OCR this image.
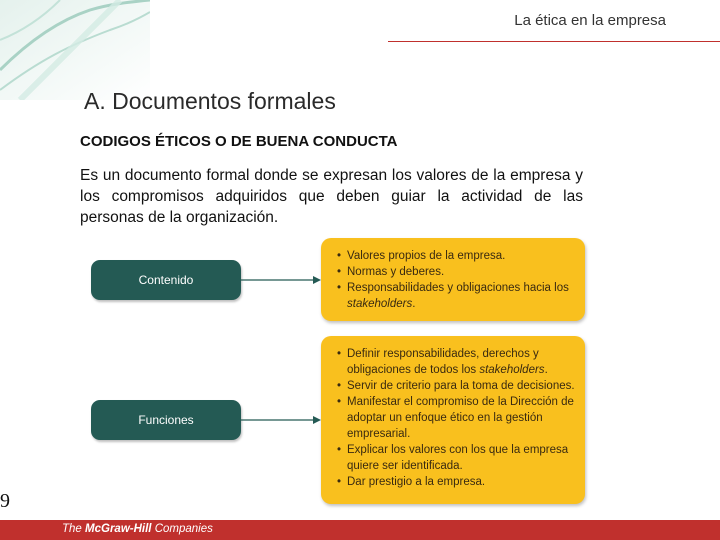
La ética en la empresa
A. Documentos formales
CODIGOS ÉTICOS O DE BUENA CONDUCTA
Es un documento formal donde se expresan los valores de la empresa y los compromisos adquiridos que deben guiar la actividad de las personas de la organización.
Contenido
• Valores propios de la empresa.
• Normas y deberes.
• Responsabilidades y obligaciones hacia los stakeholders.
Funciones
• Definir responsabilidades, derechos y obligaciones de todos los stakeholders.
• Servir de criterio para la toma de decisiones.
• Manifestar el compromiso de la Dirección de adoptar un enfoque ético en la gestión empresarial.
• Explicar los valores con los que la empresa quiere ser identificada.
• Dar prestigio a la empresa.
9
The McGraw-Hill Companies
